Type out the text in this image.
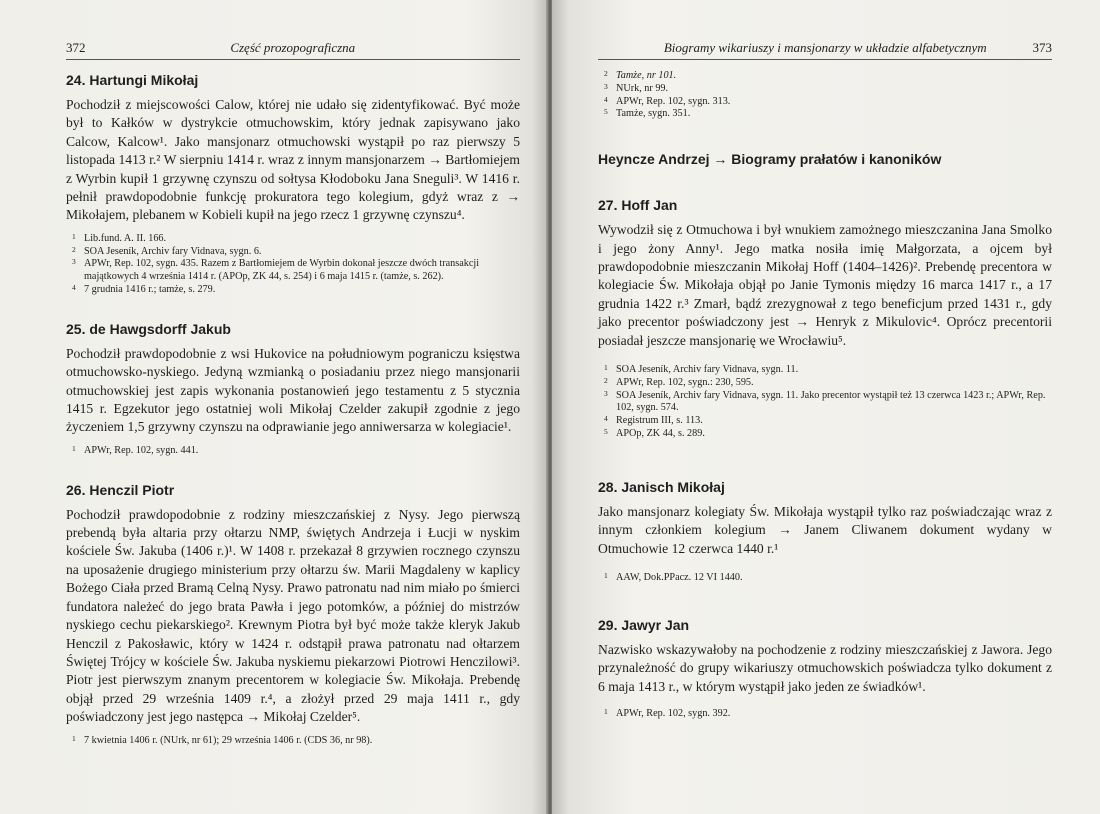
372	Część prozopograficzna
24. Hartungi Mikołaj

Pochodził z miejscowości Calow, której nie udało się zidentyfikować. Być może był to Kałków w dystrykcie otmuchowskim, który jednak zapisywano jako Calcow, Kalcow¹. Jako mansjonarz otmuchowski wystąpił po raz pierwszy 5 listopada 1413 r.² W sierpniu 1414 r. wraz z innym mansjonarzem → Bartłomiejem z Wyrbin kupił 1 grzywnę czynszu od sołtysa Kłodoboku Jana Sneguli³. W 1416 r. pełnił prawdopodobnie funkcję prokuratora tego kolegium, gdyż wraz z → Mikołajem, plebanem w Kobieli kupił na jego rzecz 1 grzywnę czynszu⁴.

1 Lib.fund. A. II. 166.
2 SOA Jeseník, Archiv fary Vidnava, sygn. 6.
3 APWr, Rep. 102, sygn. 435. Razem z Bartłomiejem de Wyrbin dokonał jeszcze dwóch transakcji majątkowych 4 września 1414 r. (APOp, ZK 44, s. 254) i 6 maja 1415 r. (tamże, s. 262).
4 7 grudnia 1416 r.; tamże, s. 279.
25. de Hawgsdorff Jakub

Pochodził prawdopodobnie z wsi Hukovice na południowym pograniczu księstwa otmuchowsko-nyskiego. Jedyną wzmianką o posiadaniu przez niego mansjonarii otmuchowskiej jest zapis wykonania postanowień jego testamentu z 5 stycznia 1415 r. Egzekutor jego ostatniej woli Mikołaj Czelder zakupił zgodnie z jego życzeniem 1,5 grzywny czynszu na odprawianie jego anniwersarza w kolegiacie¹.

1 APWr, Rep. 102, sygn. 441.
26. Henczil Piotr

Pochodził prawdopodobnie z rodziny mieszczańskiej z Nysy. Jego pierwszą prebendą była altaria przy ołtarzu NMP, świętych Andrzeja i Łucji w nyskim kościele Św. Jakuba (1406 r.)¹. W 1408 r. przekazał 8 grzywien rocznego czynszu na uposażenie drugiego ministerium przy ołtarzu św. Marii Magdaleny w kaplicy Bożego Ciała przed Bramą Celną Nysy. Prawo patronatu nad nim miało po śmierci fundatora należeć do jego brata Pawła i jego potomków, a później do mistrzów nyskiego cechu piekarskiego². Krewnym Piotra był być może także kleryk Jakub Henczil z Pakosławic, który w 1424 r. odstąpił prawa patronatu nad ołtarzem Świętej Trójcy w kościele Św. Jakuba nyskiemu piekarzowi Piotrowi Henczilowi³. Piotr jest pierwszym znanym precentorem w kolegiacie Św. Mikołaja. Prebendę objął przed 29 września 1409 r.⁴, a złożył przed 29 maja 1411 r., gdy poświadczony jest jego następca → Mikołaj Czelder⁵.

1 7 kwietnia 1406 r. (NUrk, nr 61); 29 września 1406 r. (CDS 36, nr 98).
Biogramy wikariuszy i mansjonarzy w układzie alfabetycznym	373
2 Tamże, nr 101.
3 NUrk, nr 99.
4 APWr, Rep. 102, sygn. 313.
5 Tamże, sygn. 351.
Heyncze Andrzej → Biogramy prałatów i kanoników
27. Hoff Jan

Wywodził się z Otmuchowa i był wnukiem zamożnego mieszczanina Jana Smolko i jego żony Anny¹. Jego matka nosiła imię Małgorzata, a ojcem był prawdopodobnie mieszczanin Mikołaj Hoff (1404–1426)². Prebendę precentora w kolegiacie Św. Mikołaja objął po Janie Tymonis między 16 marca 1417 r., a 17 grudnia 1422 r.³ Zmarł, bądź zrezygnował z tego beneficjum przed 1431 r., gdy jako precentor poświadczony jest → Henryk z Mikulovic⁴. Oprócz precentorii posiadał jeszcze mansjonarię we Wrocławiu⁵.

1 SOA Jeseník, Archiv fary Vidnava, sygn. 11.
2 APWr, Rep. 102, sygn.: 230, 595.
3 SOA Jeseník, Archiv fary Vidnava, sygn. 11. Jako precentor wystąpił też 13 czerwca 1423 r.; APWr, Rep. 102, sygn. 574.
4 Registrum III, s. 113.
5 APOp, ZK 44, s. 289.
28. Janisch Mikołaj

Jako mansjonarz kolegiaty Św. Mikołaja wystąpił tylko raz poświadczając wraz z innym członkiem kolegium → Janem Cliwanem dokument wydany w Otmuchowie 12 czerwca 1440 r.¹

1 AAW, Dok.PPacz. 12 VI 1440.
29. Jawyr Jan

Nazwisko wskazywałoby na pochodzenie z rodziny mieszczańskiej z Jawora. Jego przynależność do grupy wikariuszy otmuchowskich poświadcza tylko dokument z 6 maja 1413 r., w którym wystąpił jako jeden ze świadków¹.

1 APWr, Rep. 102, sygn. 392.
